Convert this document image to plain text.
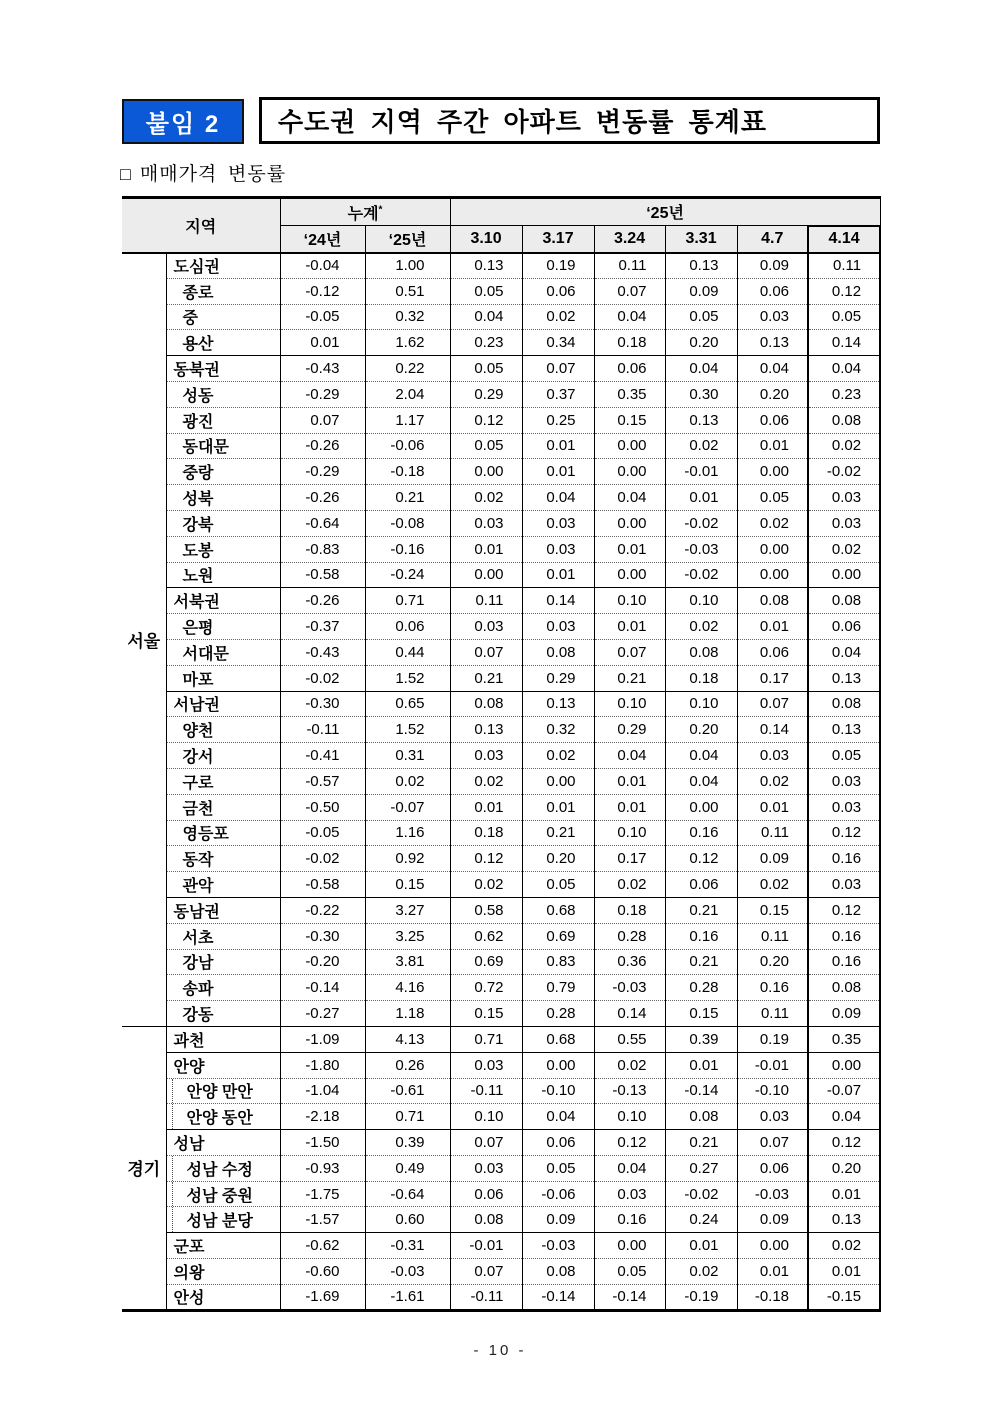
붙임 2 수도권 지역 주간 아파트 변동률 통계표
□ 매매가격 변동률
지역		누계*		‘25년					
		‘24년	‘25년	3.10	3.17	3.24	3.31	4.7	4.14
서울	도심권	-0.04	1.00	0.13	0.19	0.11	0.13	0.09	0.11
	종로	-0.12	0.51	0.05	0.06	0.07	0.09	0.06	0.12
	중	-0.05	0.32	0.04	0.02	0.04	0.05	0.03	0.05
	용산	0.01	1.62	0.23	0.34	0.18	0.20	0.13	0.14
	동북권	-0.43	0.22	0.05	0.07	0.06	0.04	0.04	0.04
	성동	-0.29	2.04	0.29	0.37	0.35	0.30	0.20	0.23
	광진	0.07	1.17	0.12	0.25	0.15	0.13	0.06	0.08
	동대문	-0.26	-0.06	0.05	0.01	0.00	0.02	0.01	0.02
	중랑	-0.29	-0.18	0.00	0.01	0.00	-0.01	0.00	-0.02
	성북	-0.26	0.21	0.02	0.04	0.04	0.01	0.05	0.03
	강북	-0.64	-0.08	0.03	0.03	0.00	-0.02	0.02	0.03
	도봉	-0.83	-0.16	0.01	0.03	0.01	-0.03	0.00	0.02
	노원	-0.58	-0.24	0.00	0.01	0.00	-0.02	0.00	0.00
	서북권	-0.26	0.71	0.11	0.14	0.10	0.10	0.08	0.08
	은평	-0.37	0.06	0.03	0.03	0.01	0.02	0.01	0.06
	서대문	-0.43	0.44	0.07	0.08	0.07	0.08	0.06	0.04
	마포	-0.02	1.52	0.21	0.29	0.21	0.18	0.17	0.13
	서남권	-0.30	0.65	0.08	0.13	0.10	0.10	0.07	0.08
	양천	-0.11	1.52	0.13	0.32	0.29	0.20	0.14	0.13
	강서	-0.41	0.31	0.03	0.02	0.04	0.04	0.03	0.05
	구로	-0.57	0.02	0.02	0.00	0.01	0.04	0.02	0.03
	금천	-0.50	-0.07	0.01	0.01	0.01	0.00	0.01	0.03
	영등포	-0.05	1.16	0.18	0.21	0.10	0.16	0.11	0.12
	동작	-0.02	0.92	0.12	0.20	0.17	0.12	0.09	0.16
	관악	-0.58	0.15	0.02	0.05	0.02	0.06	0.02	0.03
	동남권	-0.22	3.27	0.58	0.68	0.18	0.21	0.15	0.12
	서초	-0.30	3.25	0.62	0.69	0.28	0.16	0.11	0.16
	강남	-0.20	3.81	0.69	0.83	0.36	0.21	0.20	0.16
	송파	-0.14	4.16	0.72	0.79	-0.03	0.28	0.16	0.08
	강동	-0.27	1.18	0.15	0.28	0.14	0.15	0.11	0.09
경기	과천	-1.09	4.13	0.71	0.68	0.55	0.39	0.19	0.35
	안양	-1.80	0.26	0.03	0.00	0.02	0.01	-0.01	0.00
	안양 만안	-1.04	-0.61	-0.11	-0.10	-0.13	-0.14	-0.10	-0.07
	안양 동안	-2.18	0.71	0.10	0.04	0.10	0.08	0.03	0.04
	성남	-1.50	0.39	0.07	0.06	0.12	0.21	0.07	0.12
	성남 수정	-0.93	0.49	0.03	0.05	0.04	0.27	0.06	0.20
	성남 중원	-1.75	-0.64	0.06	-0.06	0.03	-0.02	-0.03	0.01
	성남 분당	-1.57	0.60	0.08	0.09	0.16	0.24	0.09	0.13
	군포	-0.62	-0.31	-0.01	-0.03	0.00	0.01	0.00	0.02
	의왕	-0.60	-0.03	0.07	0.08	0.05	0.02	0.01	0.01
	안성	-1.69	-1.61	-0.11	-0.14	-0.14	-0.19	-0.18	-0.15
- 10 -
